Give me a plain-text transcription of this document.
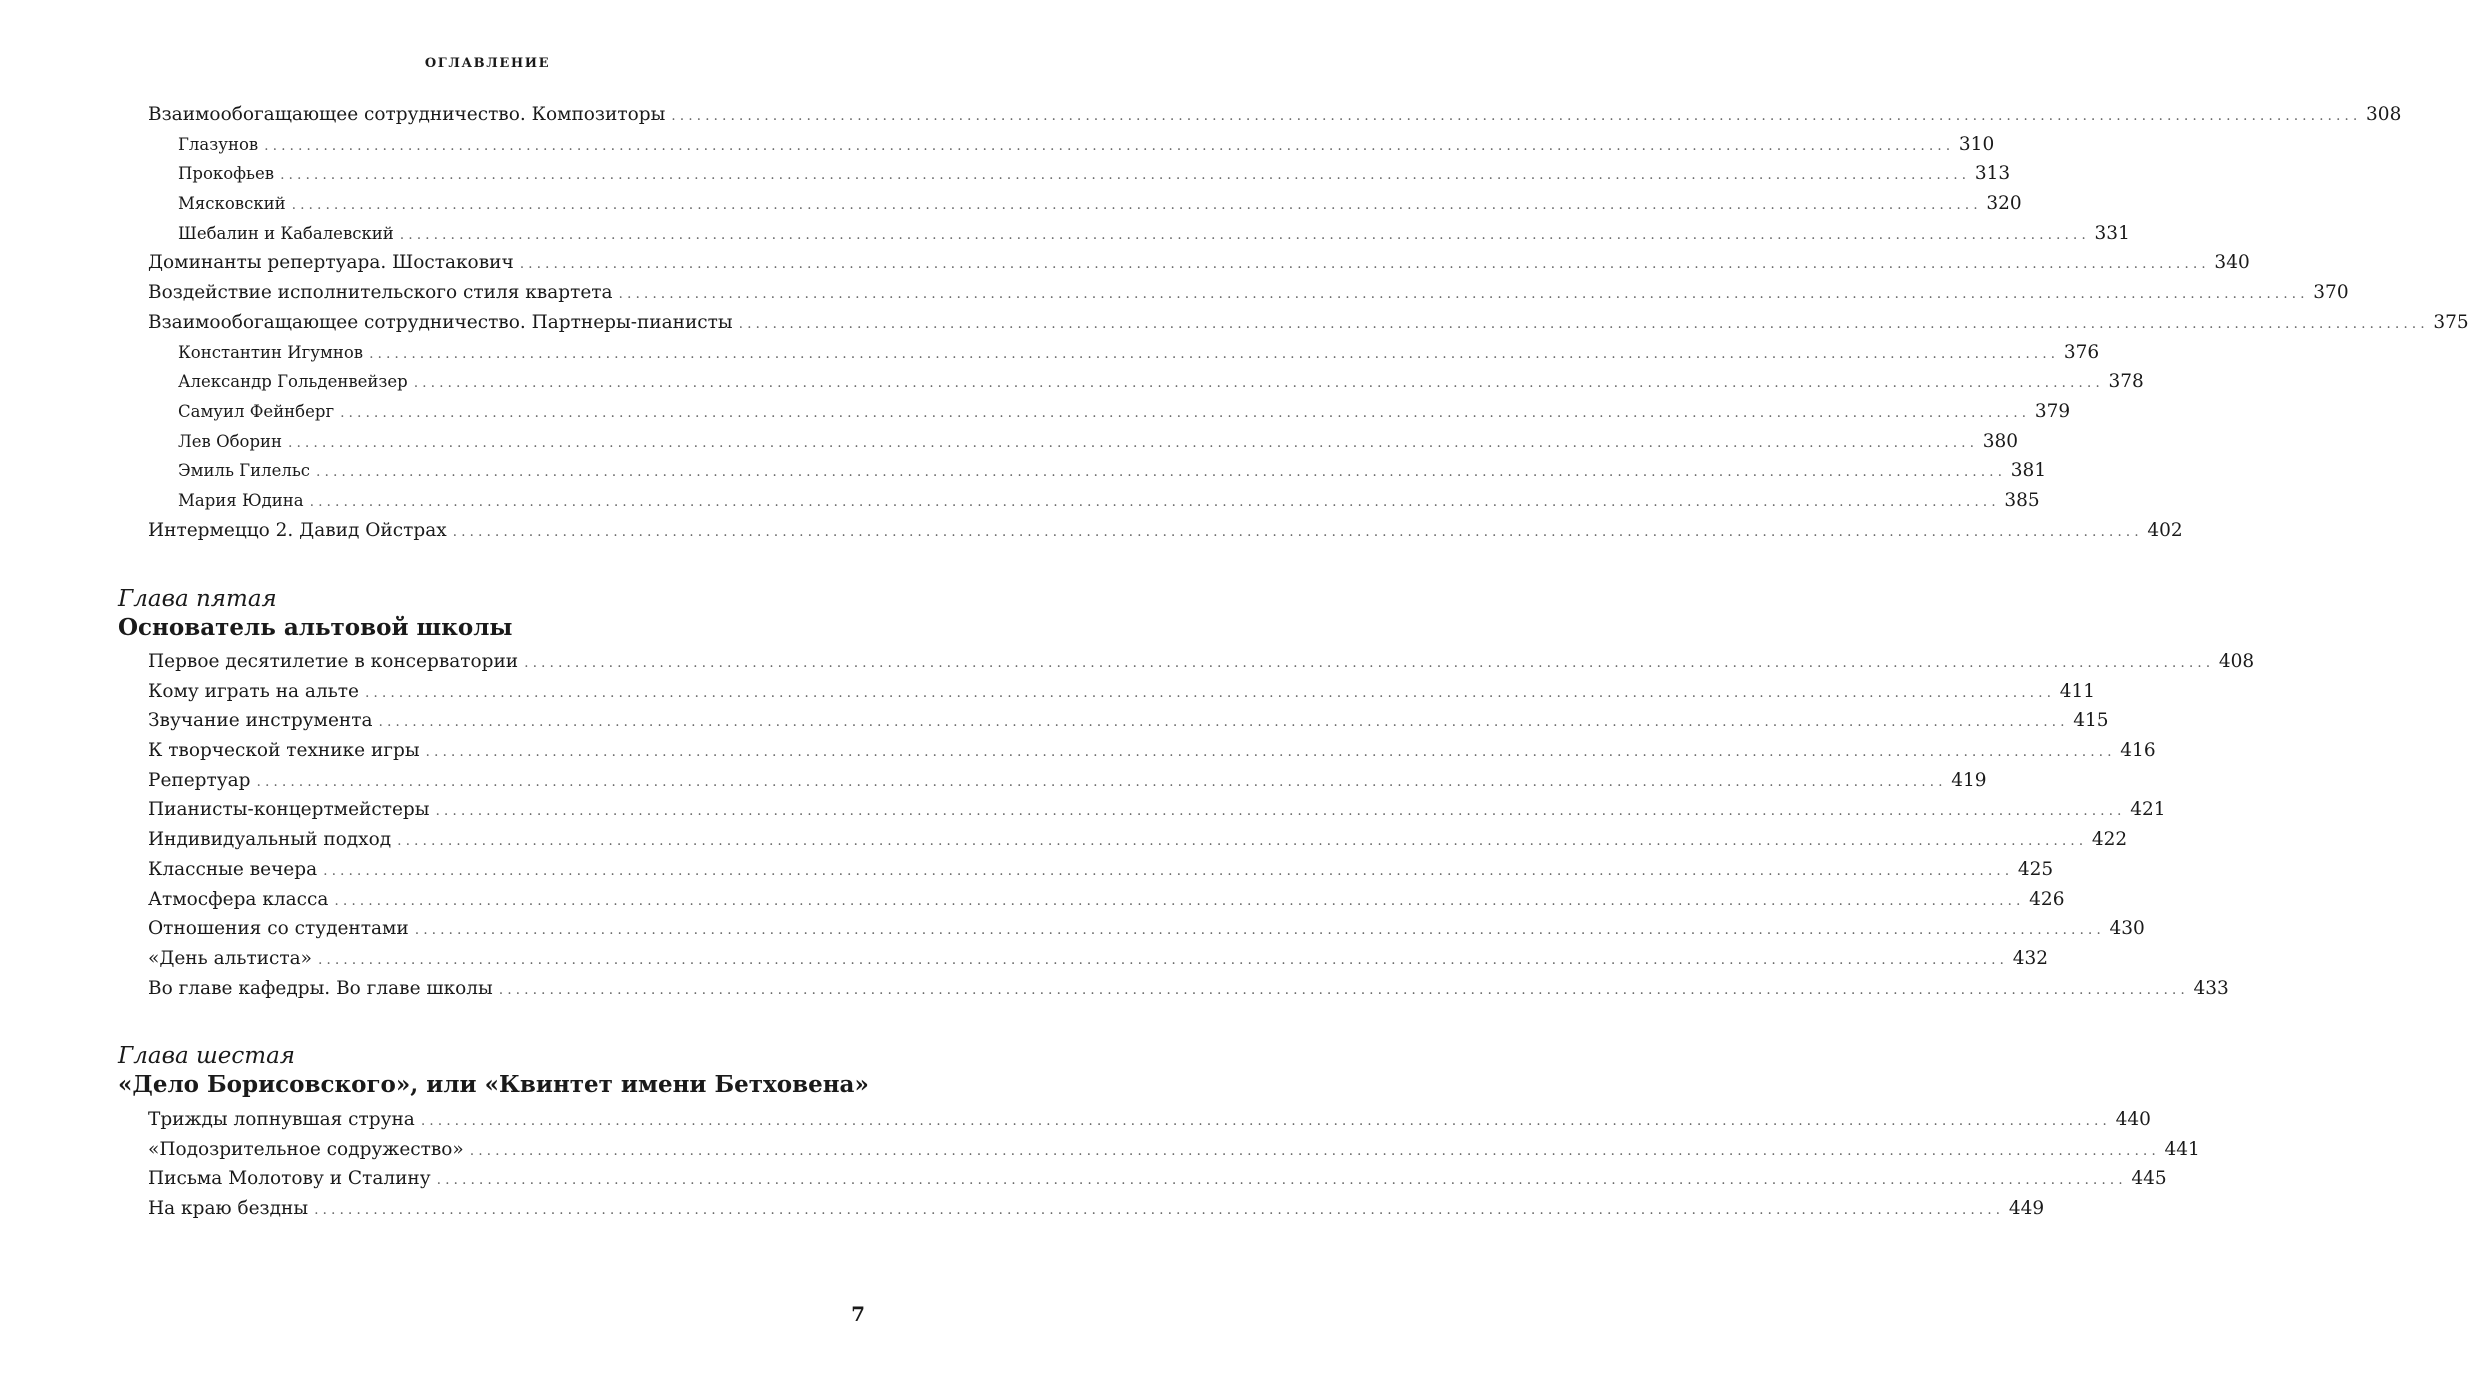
ОГЛАВЛЕНИЕ
Взаимообогащающее сотрудничество. Композиторы ........................................................................................................................................................................................................ 308
Глазунов ........................................................................................................................................................................................................ 310
Прокофьев ........................................................................................................................................................................................................ 313
Мясковский ........................................................................................................................................................................................................ 320
Шебалин и Кабалевский ........................................................................................................................................................................................................ 331
Доминанты репертуара. Шостакович ........................................................................................................................................................................................................ 340
Воздействие исполнительского стиля квартета ........................................................................................................................................................................................................ 370
Взаимообогащающее сотрудничество. Партнеры-пианисты ........................................................................................................................................................................................................ 375
Константин Игумнов ........................................................................................................................................................................................................ 376
Александр Гольденвейзер ........................................................................................................................................................................................................ 378
Самуил Фейнберг ........................................................................................................................................................................................................ 379
Лев Оборин ........................................................................................................................................................................................................ 380
Эмиль Гилельс ........................................................................................................................................................................................................ 381
Мария Юдина ........................................................................................................................................................................................................ 385
Интермеццо 2. Давид Ойстрах ........................................................................................................................................................................................................ 402
Глава пятая
Основатель альтовой школы
Первое десятилетие в консерватории ........................................................................................................................................................................................................ 408
Кому играть на альте ........................................................................................................................................................................................................ 411
Звучание инструмента ........................................................................................................................................................................................................ 415
К творческой технике игры ........................................................................................................................................................................................................ 416
Репертуар ........................................................................................................................................................................................................ 419
Пианисты-концертмейстеры ........................................................................................................................................................................................................ 421
Индивидуальный подход ........................................................................................................................................................................................................ 422
Классные вечера ........................................................................................................................................................................................................ 425
Атмосфера класса ........................................................................................................................................................................................................ 426
Отношения со студентами ........................................................................................................................................................................................................ 430
«День альтиста» ........................................................................................................................................................................................................ 432
Во главе кафедры. Во главе школы ........................................................................................................................................................................................................ 433
Глава шестая
«Дело Борисовского», или «Квинтет имени Бетховена»
Трижды лопнувшая струна ........................................................................................................................................................................................................ 440
«Подозрительное содружество» ........................................................................................................................................................................................................ 441
Письма Молотову и Сталину ........................................................................................................................................................................................................ 445
На краю бездны ........................................................................................................................................................................................................ 449
7
